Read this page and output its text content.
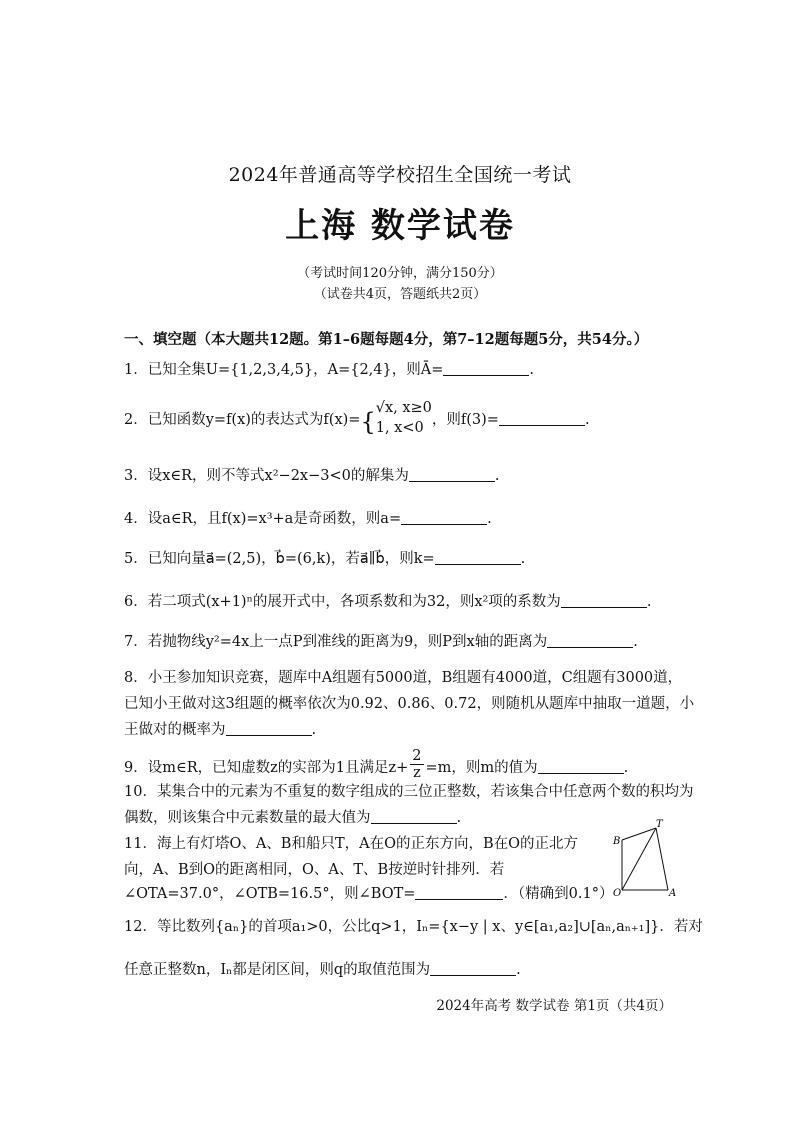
2024年普通高等学校招生全国统一考试
上海 数学试卷
（考试时间120分钟，满分150分）
（试卷共4页，答题纸共2页）
一、填空题（本大题共12题。第1–6题每题4分，第7–12题每题5分，共54分。）
1．已知全集U={1,2,3,4,5}，A={2,4}，则Ā=	.
2．已知函数y=f(x)的表达式为f(x)={ √x, x≥0
1, x<0 ，则f(3)=	.
3．设x∈R，则不等式x²−2x−3<0的解集为	.
4．设a∈R，且f(x)=x³+a是奇函数，则a=	.
5．已知向量a⃗=(2,5)，b⃗=(6,k)，若a⃗∥b⃗，则k=	.
6．若二项式(x+1)ⁿ的展开式中，各项系数和为32，则x²项的系数为	.
7．若抛物线y²=4x上一点P到准线的距离为9，则P到x轴的距离为	.
8．小王参加知识竞赛，题库中A组题有5000道，B组题有4000道，C组题有3000道，
已知小王做对这3组题的概率依次为0.92、0.86、0.72，则随机从题库中抽取一道题，小
王做对的概率为	.
9．设m∈R，已知虚数z的实部为1且满足$z+ \frac{2}{z} =m$，则m的值为	.
10．某集合中的元素为不重复的数字组成的三位正整数，若该集合中任意两个数的积均为
偶数，则该集合中元素数量的最大值为	.
11．海上有灯塔O、A、B和船只T，A在O的正东方向，B在O的正北方
向，A、B到O的距离相同，O、A、T、B按逆时针排列．若
∠OTA=37.0°，∠OTB=16.5°，则∠BOT=	．（精确到0.1°）
T
B
O	A
12．等比数列{aₙ}的首项a₁>0，公比q>1，Iₙ={x−y | x、y∈[a₁,a₂]∪[aₙ,aₙ₊₁]}．若对
任意正整数n，Iₙ都是闭区间，则q的取值范围为	.
2024年高考 数学试卷 第1页（共4页）
